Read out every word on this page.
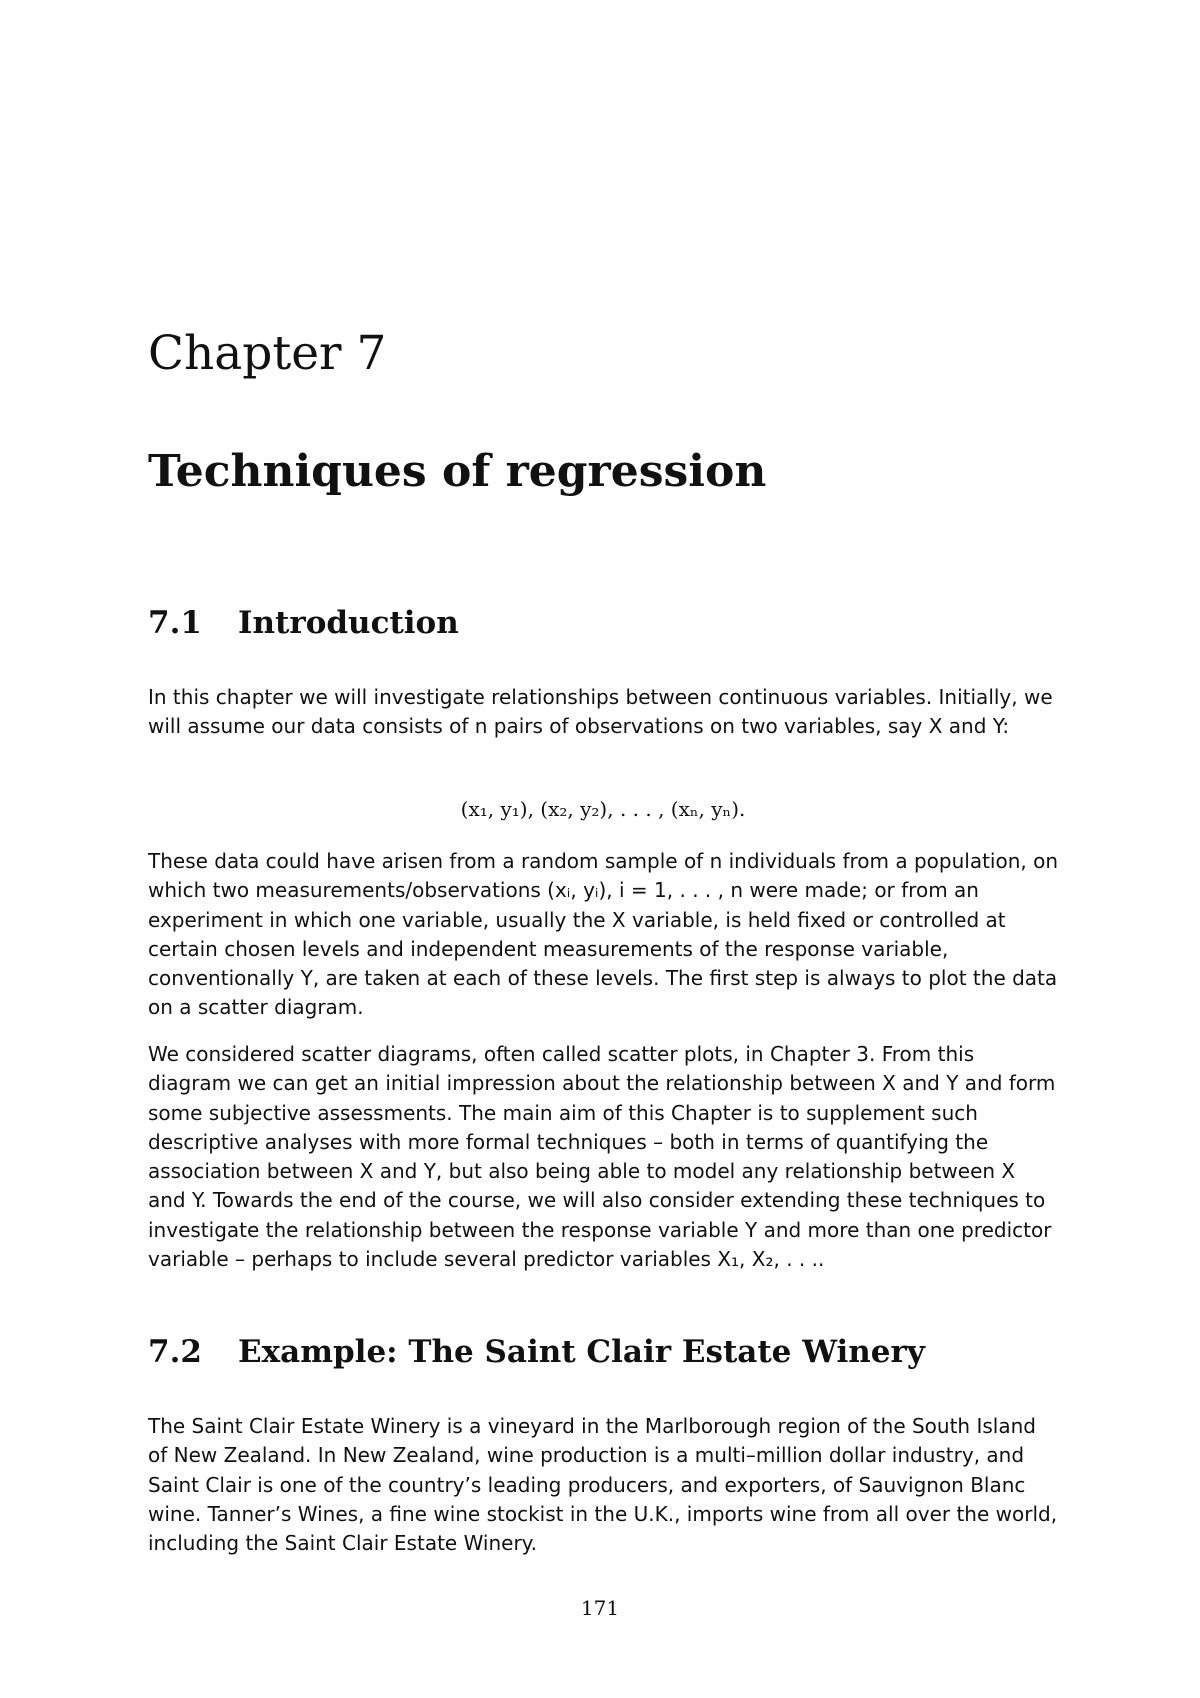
Chapter 7
Techniques of regression
7.1 Introduction

In this chapter we will investigate relationships between continuous variables. Initially, we will assume our data consists of n pairs of observations on two variables, say X and Y:

(x₁, y₁), (x₂, y₂), . . . , (xₙ, yₙ).

These data could have arisen from a random sample of n individuals from a population, on which two measurements/observations (xᵢ, yᵢ), i = 1, . . . , n were made; or from an experiment in which one variable, usually the X variable, is held fixed or controlled at certain chosen levels and independent measurements of the response variable, conventionally Y, are taken at each of these levels. The first step is always to plot the data on a scatter diagram.

We considered scatter diagrams, often called scatter plots, in Chapter 3. From this diagram we can get an initial impression about the relationship between X and Y and form some subjective assessments. The main aim of this Chapter is to supplement such descriptive analyses with more formal techniques – both in terms of quantifying the association between X and Y, but also being able to model any relationship between X and Y. Towards the end of the course, we will also consider extending these techniques to investigate the relationship between the response variable Y and more than one predictor variable – perhaps to include several predictor variables X₁, X₂, . . ..

7.2 Example: The Saint Clair Estate Winery

The Saint Clair Estate Winery is a vineyard in the Marlborough region of the South Island of New Zealand. In New Zealand, wine production is a multi–million dollar industry, and Saint Clair is one of the country’s leading producers, and exporters, of Sauvignon Blanc wine. Tanner’s Wines, a fine wine stockist in the U.K., imports wine from all over the world, including the Saint Clair Estate Winery.

171
